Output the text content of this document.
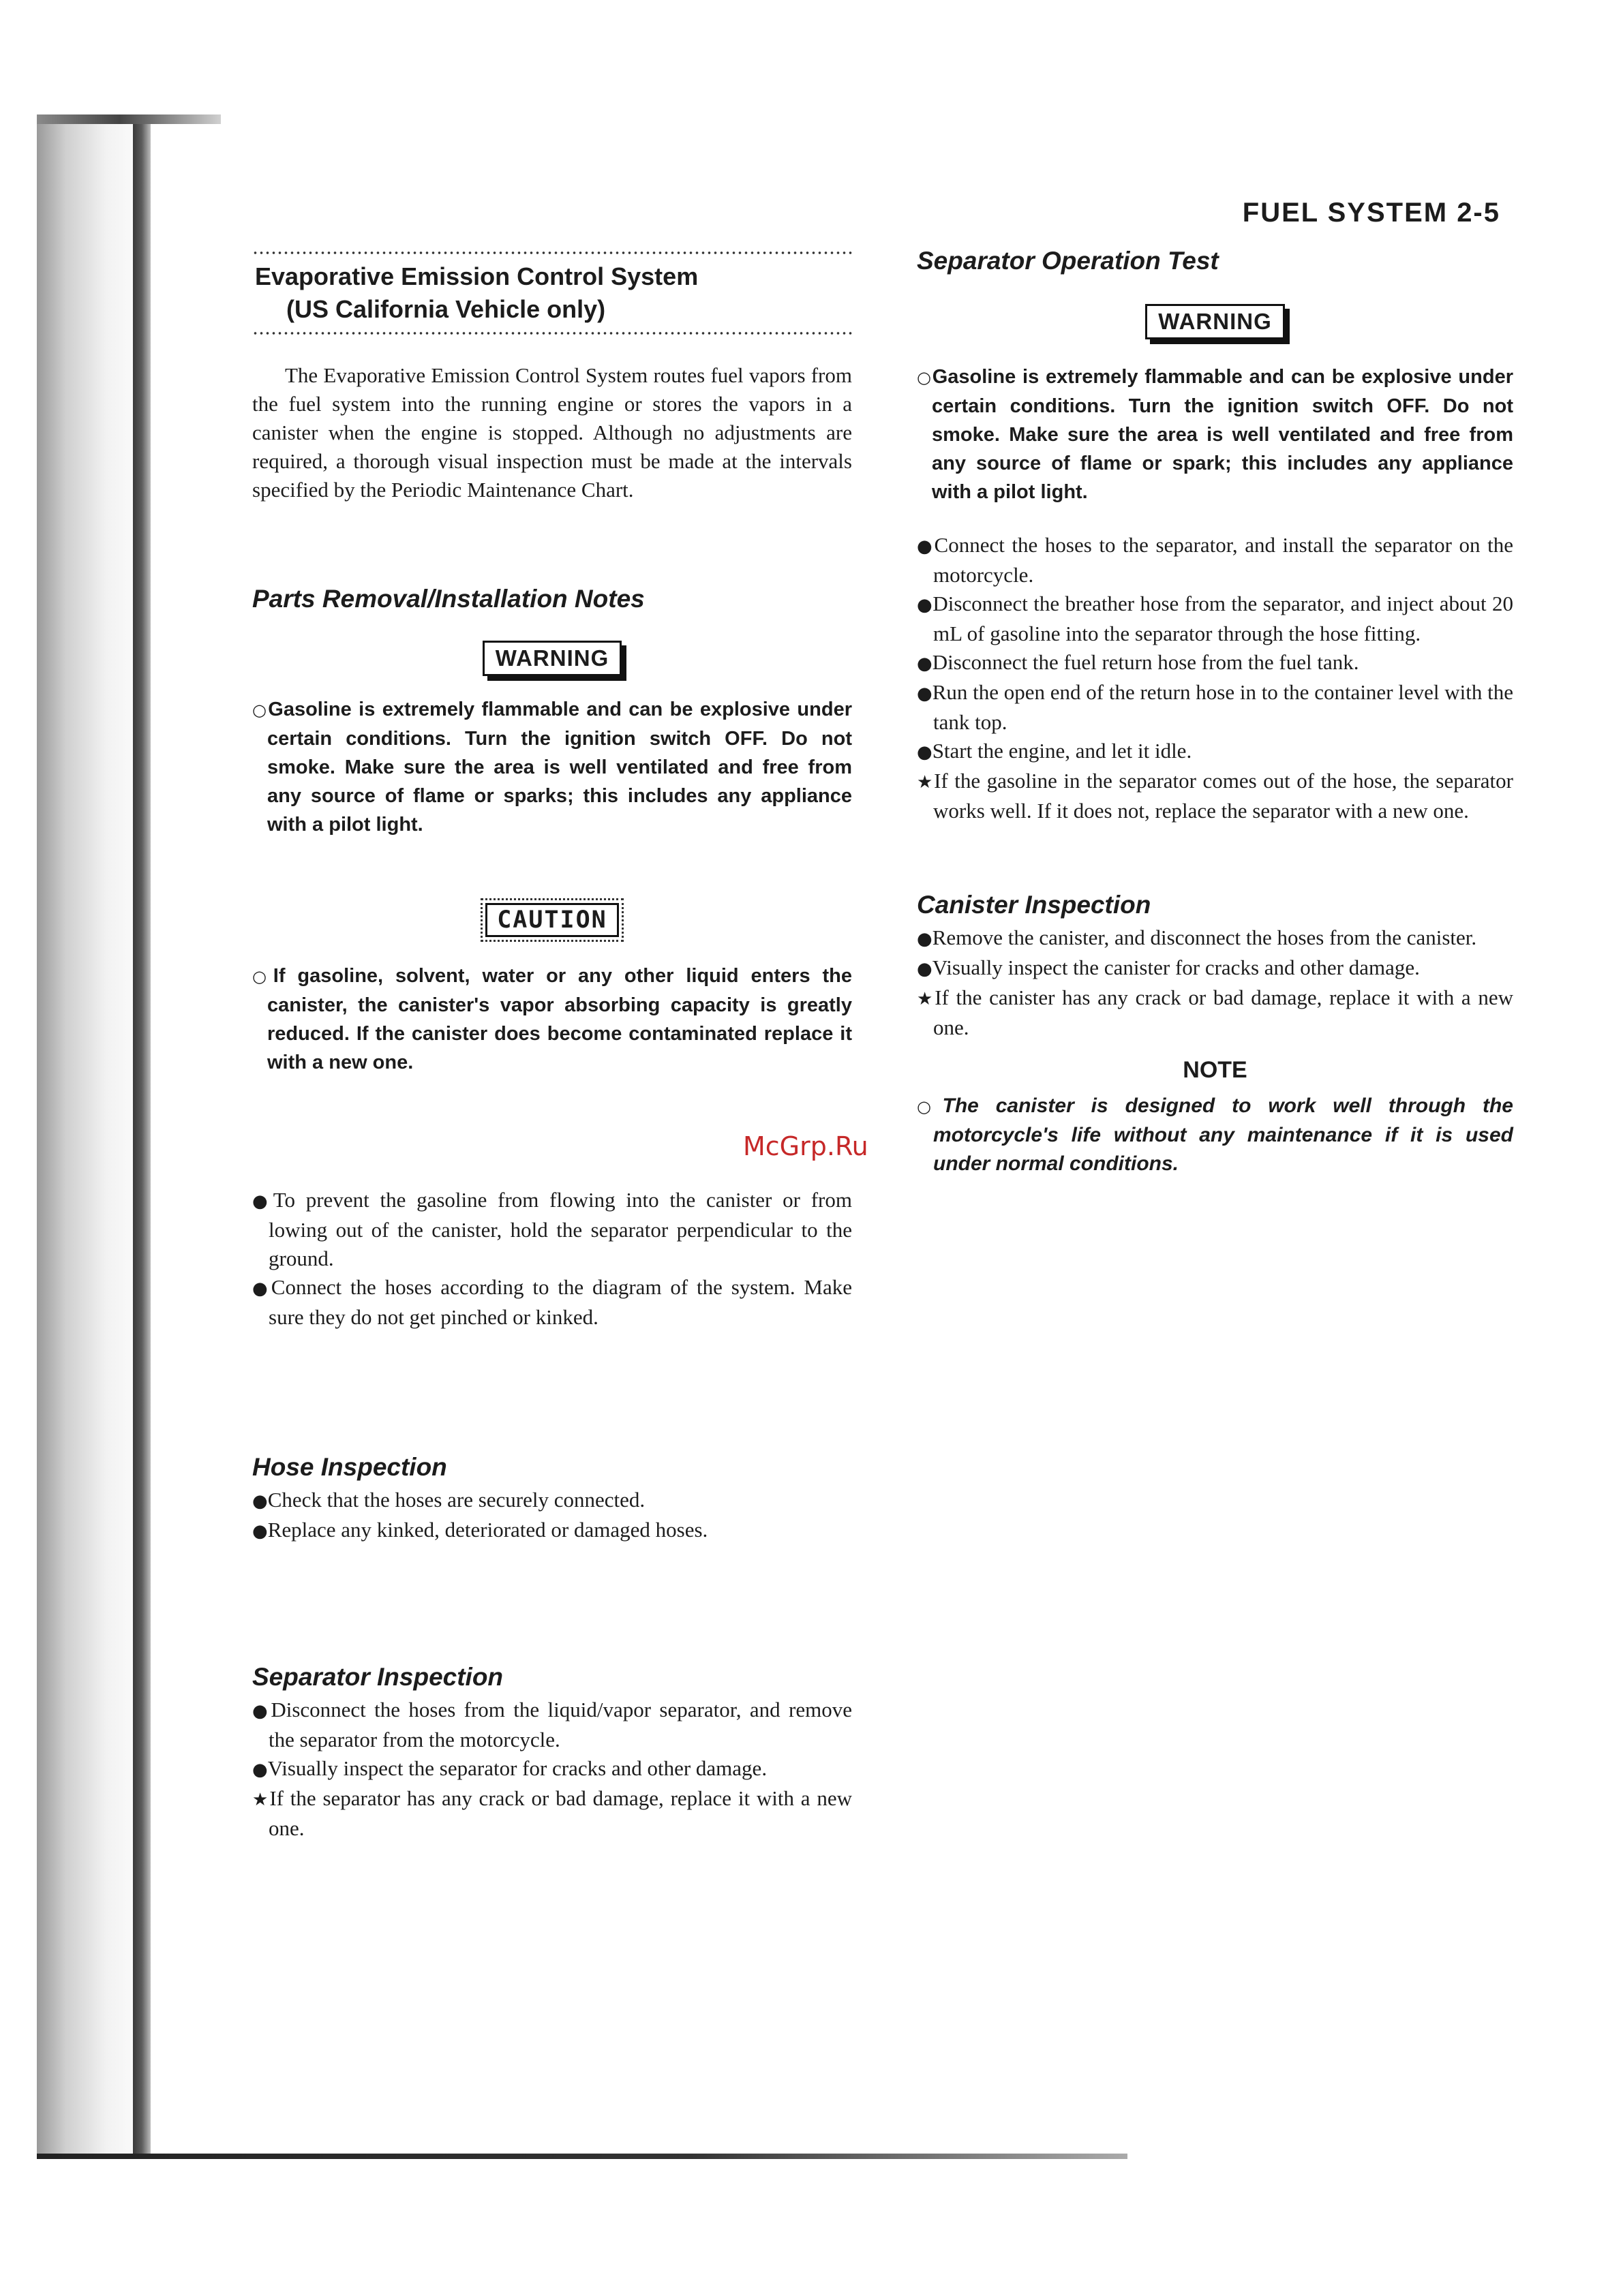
FUEL SYSTEM 2-5
McGrp.Ru
Evaporative Emission Control System
(US California Vehicle only)

The Evaporative Emission Control System routes fuel vapors from the fuel system into the running engine or stores the vapors in a canister when the engine is stopped. Although no adjustments are required, a thorough visual inspection must be made at the intervals specified by the Periodic Maintenance Chart.

Parts Removal/Installation Notes
WARNING

○Gasoline is extremely flammable and can be explosive under certain conditions. Turn the ignition switch OFF. Do not smoke. Make sure the area is well ventilated and free from any source of flame or sparks; this includes any appliance with a pilot light.

CAUTION

○If gasoline, solvent, water or any other liquid enters the canister, the canister's vapor absorbing capacity is greatly reduced. If the canister does become contaminated replace it with a new one.

●To prevent the gasoline from flowing into the canister or from lowing out of the canister, hold the separator perpendicular to the ground.
●Connect the hoses according to the diagram of the system. Make sure they do not get pinched or kinked.
Hose Inspection
●Check that the hoses are securely connected.
●Replace any kinked, deteriorated or damaged hoses.
Separator Inspection
●Disconnect the hoses from the liquid/vapor separator, and remove the separator from the motorcycle.
●Visually inspect the separator for cracks and other damage.
★If the separator has any crack or bad damage, replace it with a new one.
Separator Operation Test
WARNING

○Gasoline is extremely flammable and can be explosive under certain conditions. Turn the ignition switch OFF. Do not smoke. Make sure the area is well ventilated and free from any source of flame or spark; this includes any appliance with a pilot light.

●Connect the hoses to the separator, and install the separator on the motorcycle.
●Disconnect the breather hose from the separator, and inject about 20 mL of gasoline into the separator through the hose fitting.
●Disconnect the fuel return hose from the fuel tank.
●Run the open end of the return hose in to the container level with the tank top.
●Start the engine, and let it idle.
★If the gasoline in the separator comes out of the hose, the separator works well. If it does not, replace the separator with a new one.
Canister Inspection
●Remove the canister, and disconnect the hoses from the canister.
●Visually inspect the canister for cracks and other damage.
★If the canister has any crack or bad damage, replace it with a new one.
NOTE

○The canister is designed to work well through the motorcycle's life without any maintenance if it is used under normal conditions.
